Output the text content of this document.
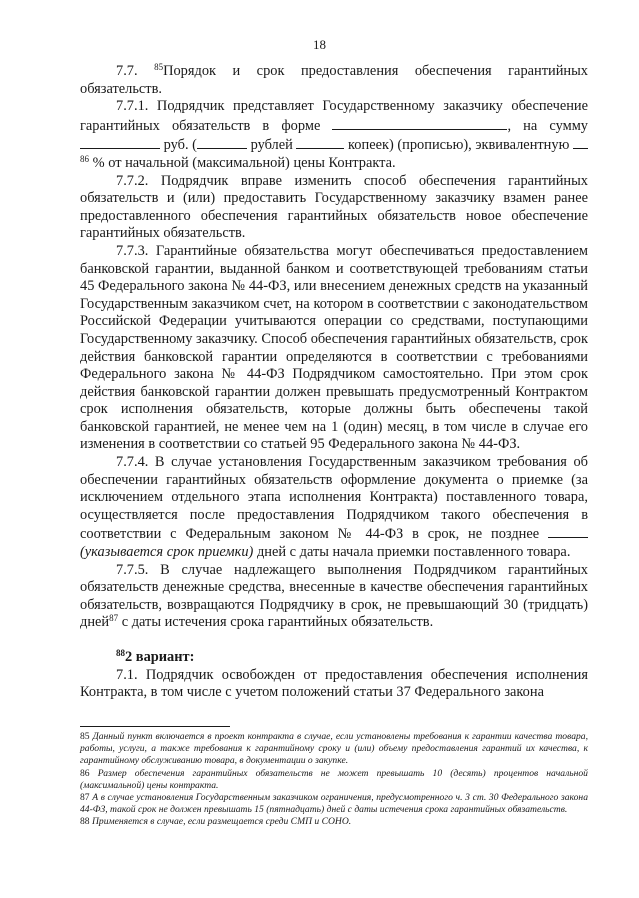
18

7.7. $^{85}$Порядок и срок предоставления обеспечения гарантийных обязательств.

7.7.1. Подрядчик представляет Государственному заказчику обеспечение гарантийных обязательств в форме	, на сумму  руб. (	рублей	копеек) (прописью), эквивалентную $^{86}$ % от начальной (максимальной) цены Контракта.

7.7.2. Подрядчик вправе изменить способ обеспечения гарантийных обязательств и (или) предоставить Государственному заказчику взамен ранее предоставленного обеспечения гарантийных обязательств новое обеспечение гарантийных обязательств.

7.7.3. Гарантийные обязательства могут обеспечиваться предоставлением банковской гарантии, выданной банком и соответствующей требованиям статьи 45 Федерального закона № 44-ФЗ, или внесением денежных средств на указанный Государственным заказчиком счет, на котором в соответствии с законодательством Российской Федерации учитываются операции со средствами, поступающими Государственному заказчику. Способ обеспечения гарантийных обязательств, срок действия банковской гарантии определяются в соответствии с требованиями Федерального закона № 44-ФЗ Подрядчиком самостоятельно. При этом срок действия банковской гарантии должен превышать предусмотренный Контрактом срок исполнения обязательств, которые должны быть обеспечены такой банковской гарантией, не менее чем на 1 (один) месяц, в том числе в случае его изменения в соответствии со статьей 95 Федерального закона № 44-ФЗ.

7.7.4. В случае установления Государственным заказчиком требования об обеспечении гарантийных обязательств оформление документа о приемке (за исключением отдельного этапа исполнения Контракта) поставленного товара, осуществляется после предоставления Подрядчиком такого обеспечения в соответствии с Федеральным законом № 44-ФЗ в срок, не позднее  (указывается срок приемки) дней с даты начала приемки поставленного товара.

7.7.5. В случае надлежащего выполнения Подрядчиком гарантийных обязательств денежные средства, внесенные в качестве обеспечения гарантийных обязательств, возвращаются Подрядчику в срок, не превышающий 30 (тридцать) дней$^{87}$ с даты истечения срока гарантийных обязательств.

$^{88}$2 вариант:

7.1. Подрядчик освобожден от предоставления обеспечения исполнения Контракта, в том числе с учетом положений статьи 37 Федерального закона

85 Данный пункт включается в проект контракта в случае, если установлены требования к гарантии качества товара, работы, услуги, а также требования к гарантийному сроку и (или) объему предоставления гарантий их качества, к гарантийному обслуживанию товара, в документации о закупке.

86 Размер обеспечения гарантийных обязательств не может превышать 10 (десять) процентов начальной (максимальной) цены контракта.

87 А в случае установления Государственным заказчиком ограничения, предусмотренного ч. 3 ст. 30 Федерального закона 44-ФЗ, такой срок не должен превышать 15 (пятнадцать) дней с даты истечения срока гарантийных обязательств.

88 Применяется в случае, если размещается среди СМП и СОНО.
